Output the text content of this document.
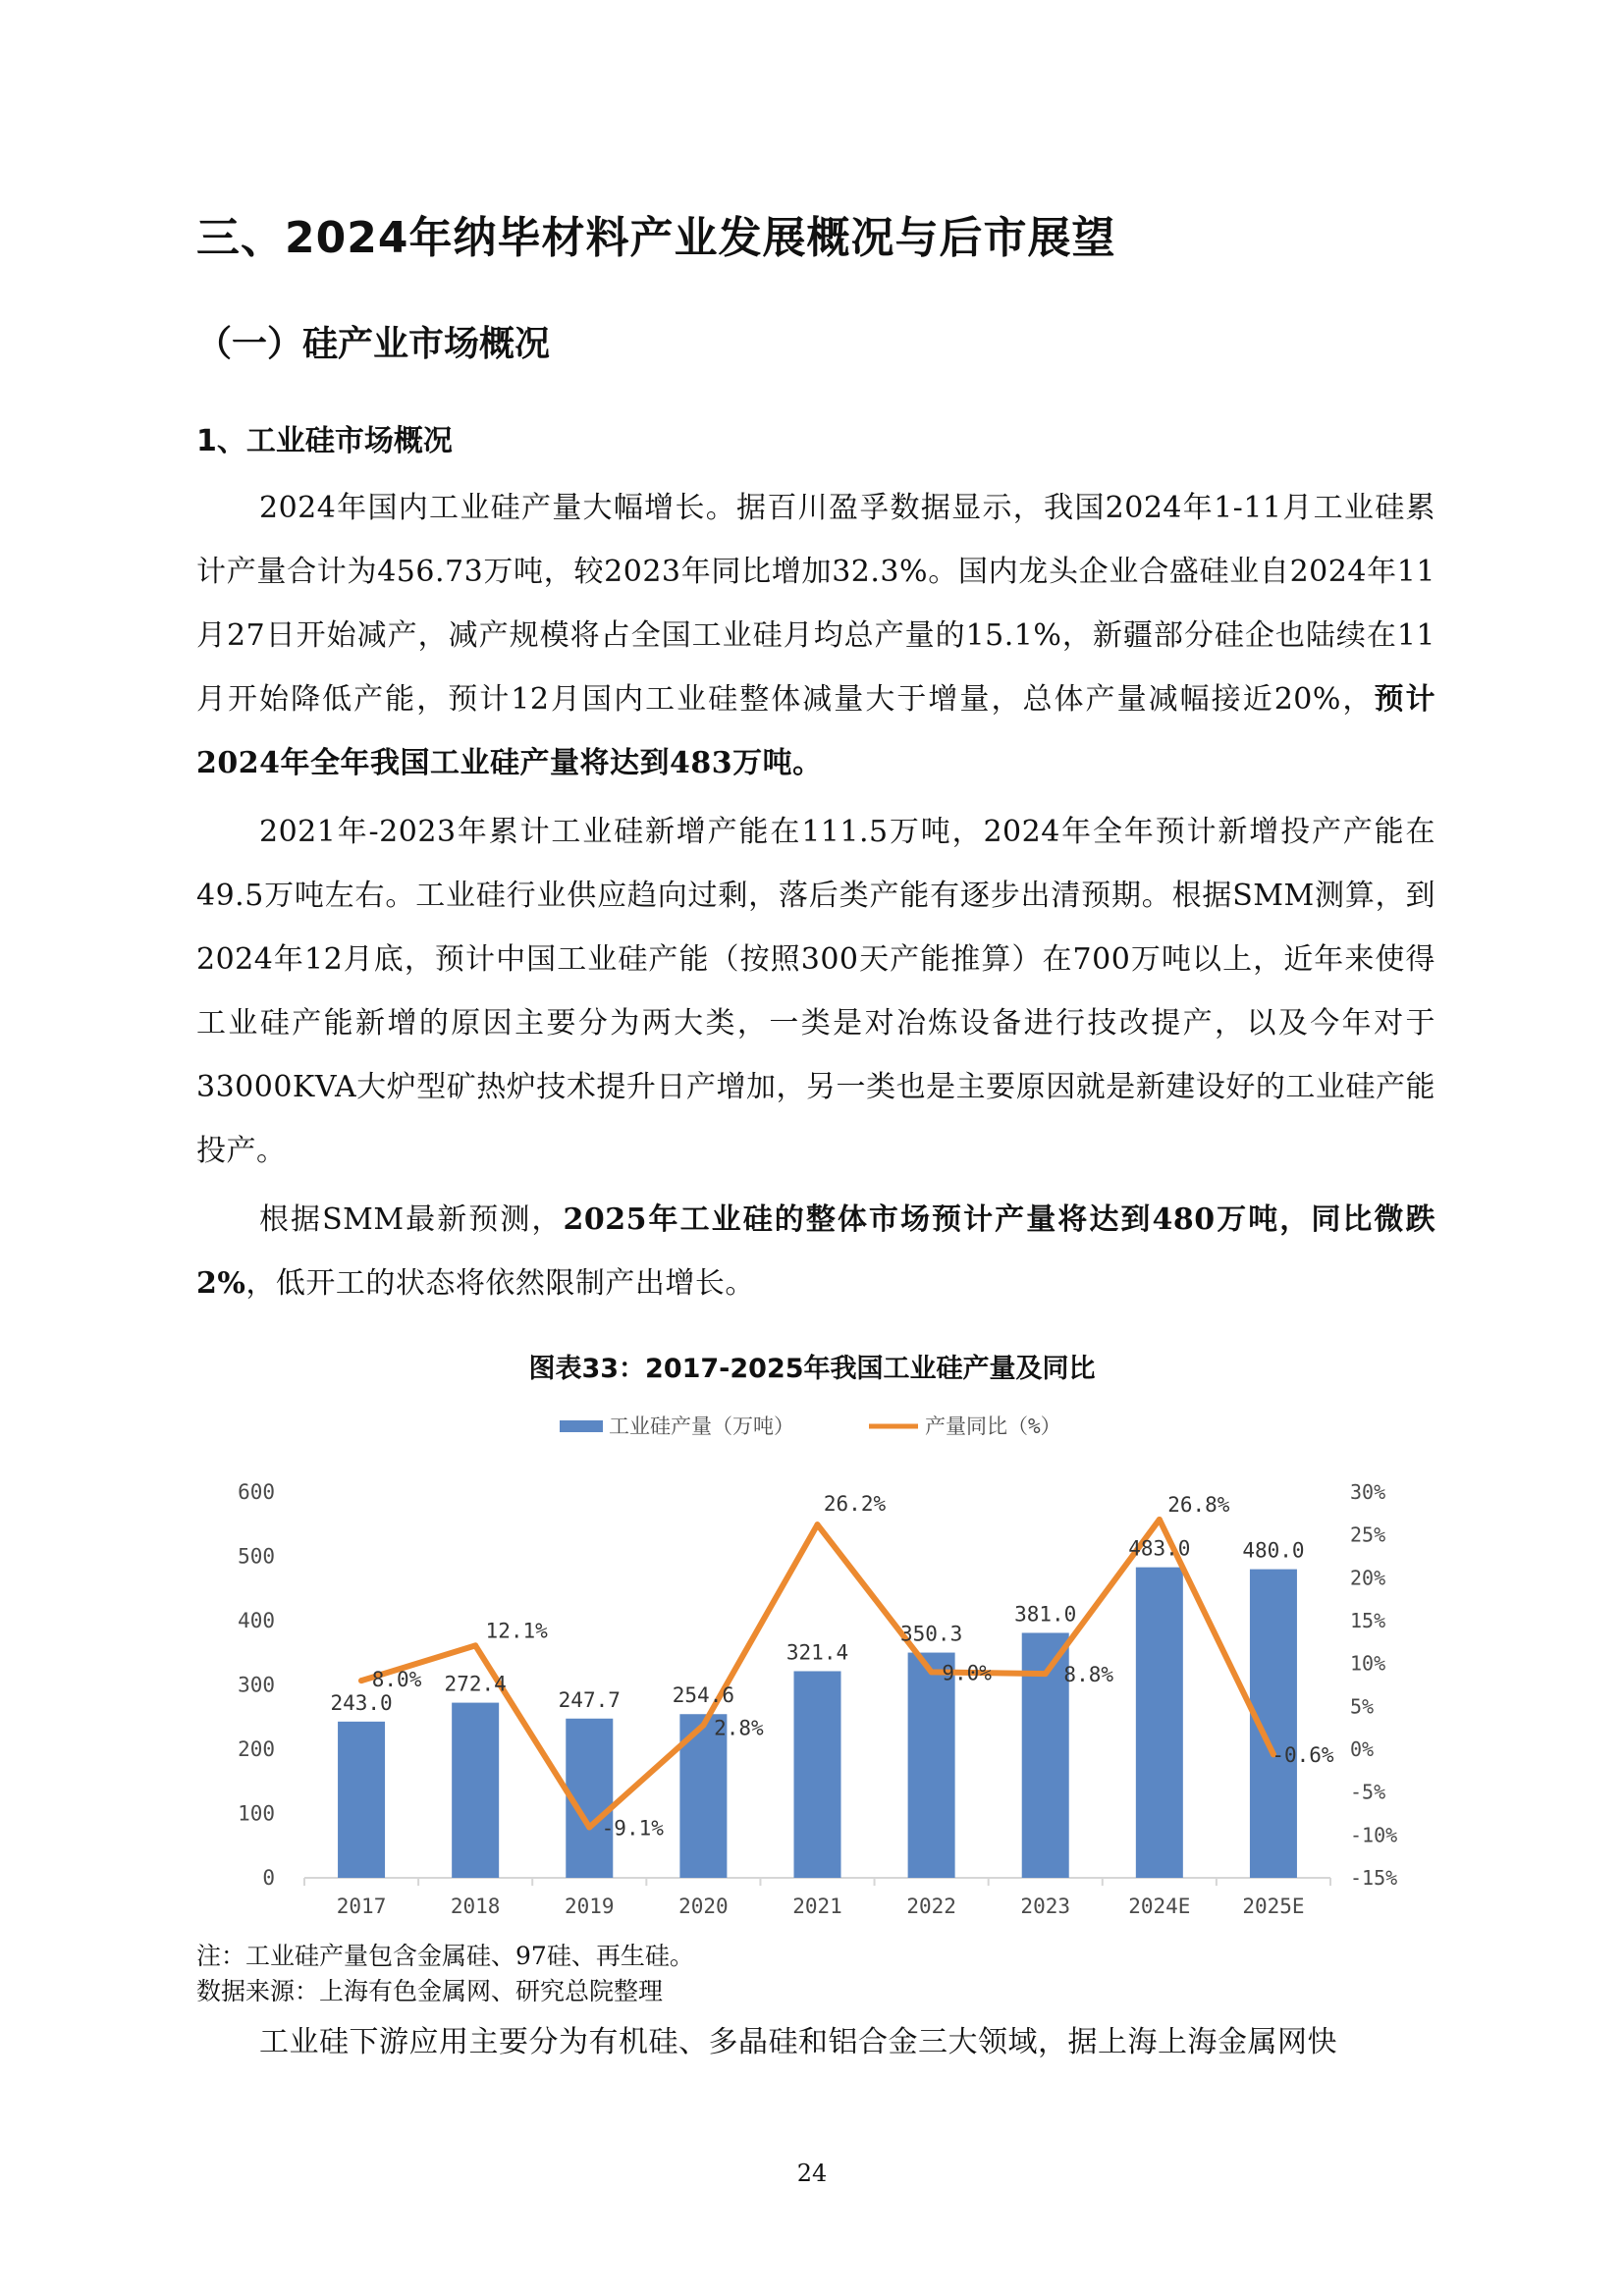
三、2024年纳毕材料产业发展概况与后市展望
（一）硅产业市场概况
1、工业硅市场概况
2024年国内工业硅产量大幅增长。据百川盈孚数据显示，我国2024年1-11月工业硅累计产量合计为456.73万吨，较2023年同比增加32.3%。国内龙头企业合盛硅业自2024年11月27日开始减产，减产规模将占全国工业硅月均总产量的15.1%，新疆部分硅企也陆续在11月开始降低产能，预计12月国内工业硅整体减量大于增量，总体产量减幅接近20%，预计2024年全年我国工业硅产量将达到483万吨。
2021年-2023年累计工业硅新增产能在111.5万吨，2024年全年预计新增投产产能在49.5万吨左右。工业硅行业供应趋向过剩，落后类产能有逐步出清预期。根据SMM测算，到2024年12月底，预计中国工业硅产能（按照300天产能推算）在700万吨以上，近年来使得工业硅产能新增的原因主要分为两大类，一类是对冶炼设备进行技改提产，以及今年对于33000KVA大炉型矿热炉技术提升日产增加，另一类也是主要原因就是新建设好的工业硅产能投产。
根据SMM最新预测，2025年工业硅的整体市场预计产量将达到480万吨，同比微跌2%，低开工的状态将依然限制产出增长。
图表33：2017-2025年我国工业硅产量及同比
工业硅产量（万吨）	产量同比（%）
2017	2018	2019	2020	2021	2022	2023	2024E	2025E
0
100
200
300
400
500
600
-15%
-10%
-5%
0%
5%
10%
15%
20%
25%
30%
243.0
272.4
247.7	254.6
321.4
350.3
381.0
483.0	480.0
8.0%
12.1%
-9.1%
2.8%
26.2%
9.0%	8.8%
26.8%
-0.6%
注：工业硅产量包含金属硅、97硅、再生硅。
数据来源：上海有色金属网、研究总院整理
工业硅下游应用主要分为有机硅、多晶硅和铝合金三大领域，据上海上海金属网快
24
